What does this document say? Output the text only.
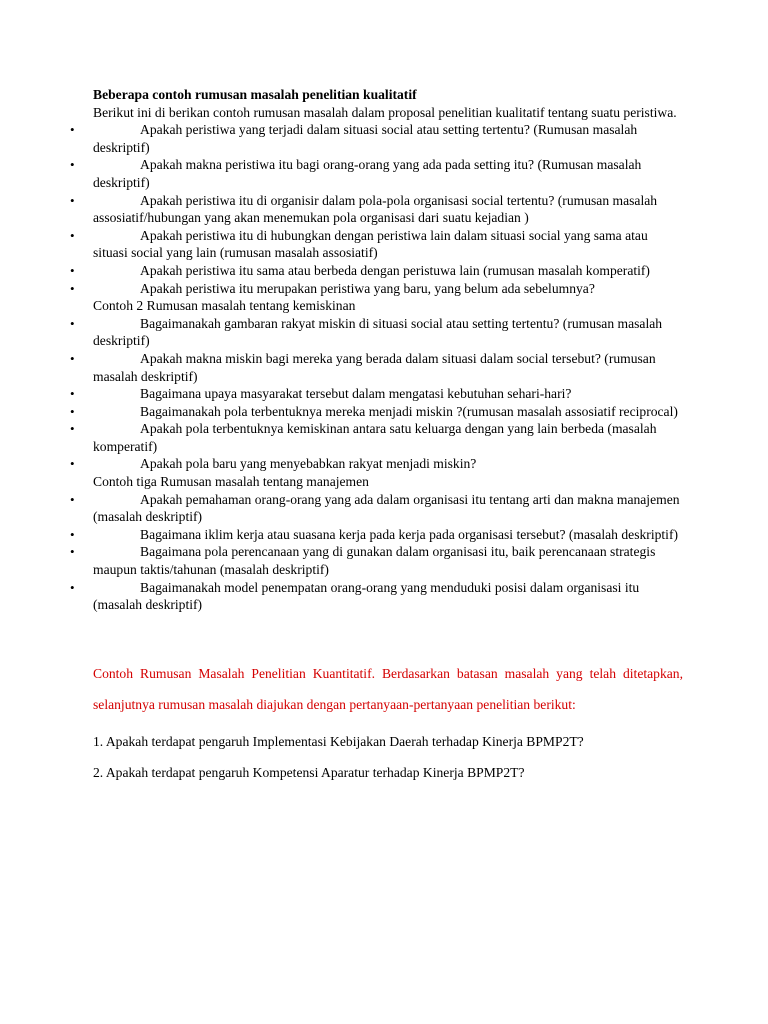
Beberapa contoh rumusan masalah penelitian kualitatif

Berikut ini di berikan contoh rumusan masalah dalam proposal penelitian kualitatif tentang suatu peristiwa.

•	Apakah peristiwa yang terjadi dalam situasi social atau setting tertentu? (Rumusan masalah deskriptif)
•	Apakah makna peristiwa itu bagi orang-orang yang ada pada setting itu? (Rumusan masalah deskriptif)
•	Apakah peristiwa itu di organisir dalam pola-pola organisasi social tertentu? (rumusan masalah assosiatif/hubungan yang akan menemukan pola organisasi dari suatu kejadian )
•	Apakah peristiwa itu di hubungkan dengan peristiwa lain dalam situasi social yang sama atau situasi social yang lain (rumusan masalah assosiatif)
•	Apakah peristiwa itu sama atau berbeda dengan peristuwa lain (rumusan masalah komperatif)
•	Apakah peristiwa itu merupakan peristiwa yang baru, yang belum ada sebelumnya?

Contoh 2 Rumusan masalah tentang kemiskinan

•	Bagaimanakah gambaran rakyat miskin di situasi social atau setting tertentu? (rumusan masalah deskriptif)
•	Apakah makna miskin bagi mereka yang berada dalam situasi dalam social tersebut? (rumusan masalah deskriptif)
•	Bagaimana upaya masyarakat tersebut dalam mengatasi kebutuhan sehari-hari?
•	Bagaimanakah pola terbentuknya mereka menjadi miskin ?(rumusan masalah assosiatif reciprocal)
•	Apakah pola terbentuknya kemiskinan antara satu keluarga dengan yang lain berbeda (masalah komperatif)
•	Apakah pola baru yang menyebabkan rakyat menjadi miskin?

Contoh tiga Rumusan masalah tentang manajemen

•	Apakah pemahaman orang-orang yang ada dalam organisasi itu tentang arti dan makna manajemen (masalah deskriptif)
•	Bagaimana iklim kerja atau suasana kerja pada kerja pada organisasi tersebut? (masalah deskriptif)
•	Bagaimana pola perencanaan yang di gunakan dalam organisasi itu, baik perencanaan strategis maupun taktis/tahunan (masalah deskriptif)
•	Bagaimanakah model penempatan orang-orang yang menduduki posisi dalam organisasi itu (masalah deskriptif)

Contoh Rumusan Masalah Penelitian Kuantitatif. Berdasarkan batasan masalah yang telah ditetapkan, selanjutnya rumusan masalah diajukan dengan pertanyaan-pertanyaan penelitian berikut:

1. Apakah terdapat pengaruh Implementasi Kebijakan Daerah terhadap Kinerja BPMP2T?
2. Apakah terdapat pengaruh Kompetensi Aparatur terhadap Kinerja BPMP2T?
